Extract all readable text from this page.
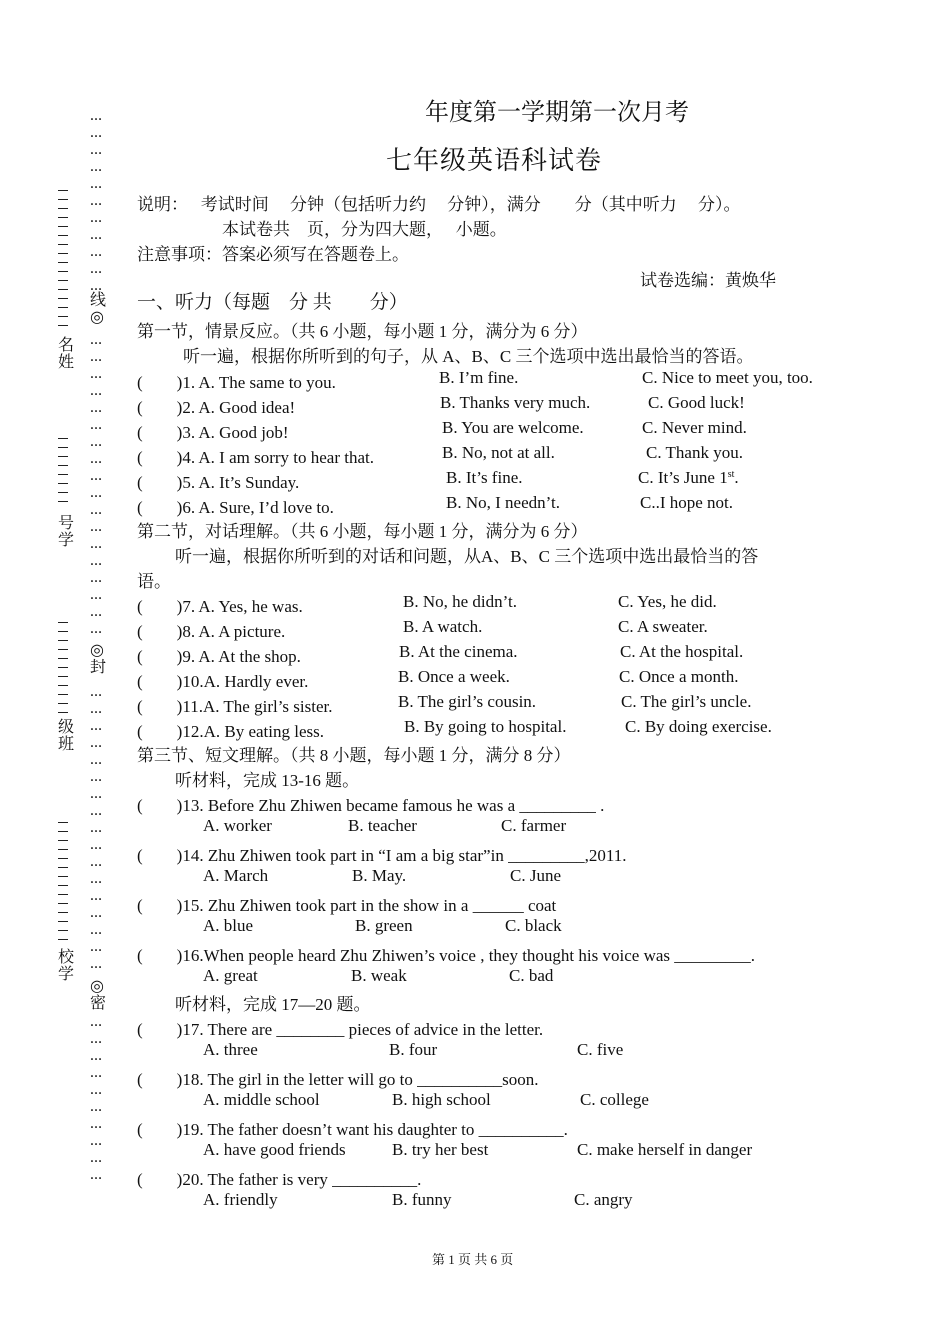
…
…
…
…
…
…
…
…
…
…
…
线◎
…
…
…
…
…
…
…
…
…
…
…
…
…
…
…
…
…
…
◎封
…
…
…
…
…
…
…
…
…
…
…
…
…
…
…
…
…
◎密
…
…
…
…
…
…
…
…
…
…
名姓
号学
级班
校学
年度第一学期第一次月考
七年级英语科试卷
说明：　 考试时间　 分钟（包括听力约　 分钟），满分　　分（其中听力　 分）。
本试卷共　页，分为四大题，　 小题。
注意事项：答案必须写在答题卷上。
试卷选编：黄焕华
一、听力（每题　分 共　　分）
第一节，情景反应。（共 6 小题，每小题 1 分，满分为 6 分）
听一遍，根据你所听到的句子，从 A、B、C 三个选项中选出最恰当的答语。
(　　)1. A. The same to you.	B. I’m fine.	C. Nice to meet you, too.
(　　)2. A. Good idea!	B. Thanks very much.	C. Good luck!
(　　)3. A. Good job!	B. You are welcome.	C. Never mind.
(　　)4. A. I am sorry to hear that.	B. No, not at all.	C. Thank you.
(　　)5. A. It’s Sunday.	B. It’s fine.	C. It’s June 1st.
(　　)6. A. Sure, I’d love to.	B. No, I needn’t.	C..I hope not.
第二节，对话理解。（共 6 小题，每小题 1 分，满分为 6 分）
听一遍，根据你所听到的对话和问题，从A、B、C 三个选项中选出最恰当的答
语。
(　　)7. A. Yes, he was.	B. No, he didn’t.	C. Yes, he did.
(　　)8. A. A picture.	B. A watch.	C. A sweater.
(　　)9. A. At the shop.	B. At the cinema.	C. At the hospital.
(　　)10.A. Hardly ever.	B. Once a week.	C. Once a month.
(　　)11.A. The girl’s sister.	B. The girl’s cousin.	C. The girl’s uncle.
(　　)12.A. By eating less.	B. By going to hospital.	C. By doing exercise.
第三节、短文理解。（共 8 小题，每小题 1 分，满分 8 分）
听材料，完成 13-16 题。
(　　)13. Before Zhu Zhiwen became famous he was a _________ .
A. worker	B. teacher	C. farmer
(　　)14. Zhu Zhiwen took part in “I am a big star”in _________,2011.
A. March	B. May.	C. June
(　　)15. Zhu Zhiwen took part in the show in a ______ coat
A. blue	B. green	C. black
(　　)16.When people heard Zhu Zhiwen’s voice , they thought his voice was _________.
A. great	B. weak	C. bad
听材料，完成 17—20 题。
(　　)17. There are ________ pieces of advice in the letter.
A. three	B. four	C. five
(　　)18. The girl in the letter will go to __________soon.
A. middle school	B. high school	C. college
(　　)19. The father doesn’t want his daughter to __________.
A. have good friends	B. try her best	C. make herself in danger
(　　)20. The father is very __________.
A. friendly	B. funny	C. angry
第 1 页 共 6 页
